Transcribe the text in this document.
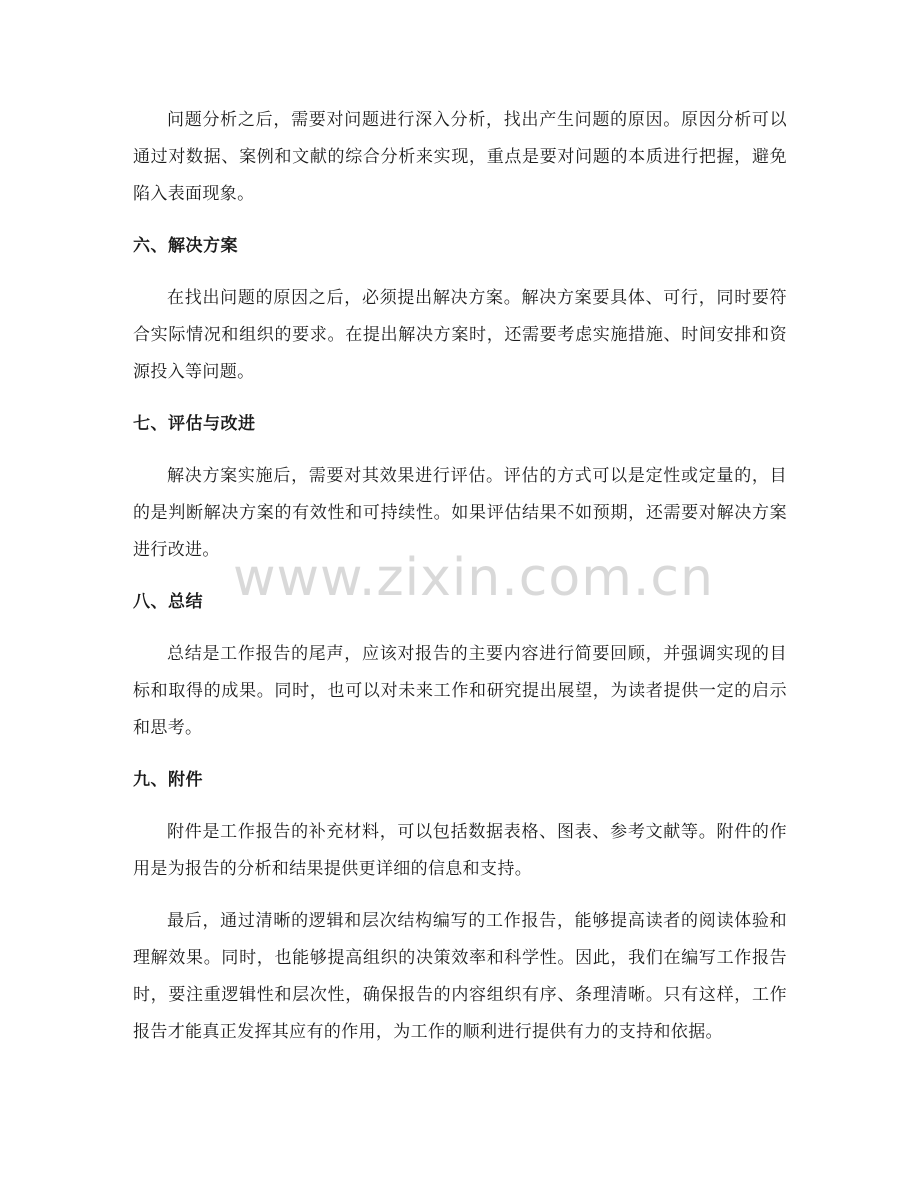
问题分析之后，需要对问题进行深入分析，找出产生问题的原因。原因分析可以通过对数据、案例和文献的综合分析来实现，重点是要对问题的本质进行把握，避免陷入表面现象。

六、解决方案

在找出问题的原因之后，必须提出解决方案。解决方案要具体、可行，同时要符合实际情况和组织的要求。在提出解决方案时，还需要考虑实施措施、时间安排和资源投入等问题。

七、评估与改进

解决方案实施后，需要对其效果进行评估。评估的方式可以是定性或定量的，目的是判断解决方案的有效性和可持续性。如果评估结果不如预期，还需要对解决方案进行改进。

八、总结

总结是工作报告的尾声，应该对报告的主要内容进行简要回顾，并强调实现的目标和取得的成果。同时，也可以对未来工作和研究提出展望，为读者提供一定的启示和思考。

九、附件

附件是工作报告的补充材料，可以包括数据表格、图表、参考文献等。附件的作用是为报告的分析和结果提供更详细的信息和支持。

最后，通过清晰的逻辑和层次结构编写的工作报告，能够提高读者的阅读体验和理解效果。同时，也能够提高组织的决策效率和科学性。因此，我们在编写工作报告时，要注重逻辑性和层次性，确保报告的内容组织有序、条理清晰。只有这样，工作报告才能真正发挥其应有的作用，为工作的顺利进行提供有力的支持和依据。

www.zixin.com.cn
